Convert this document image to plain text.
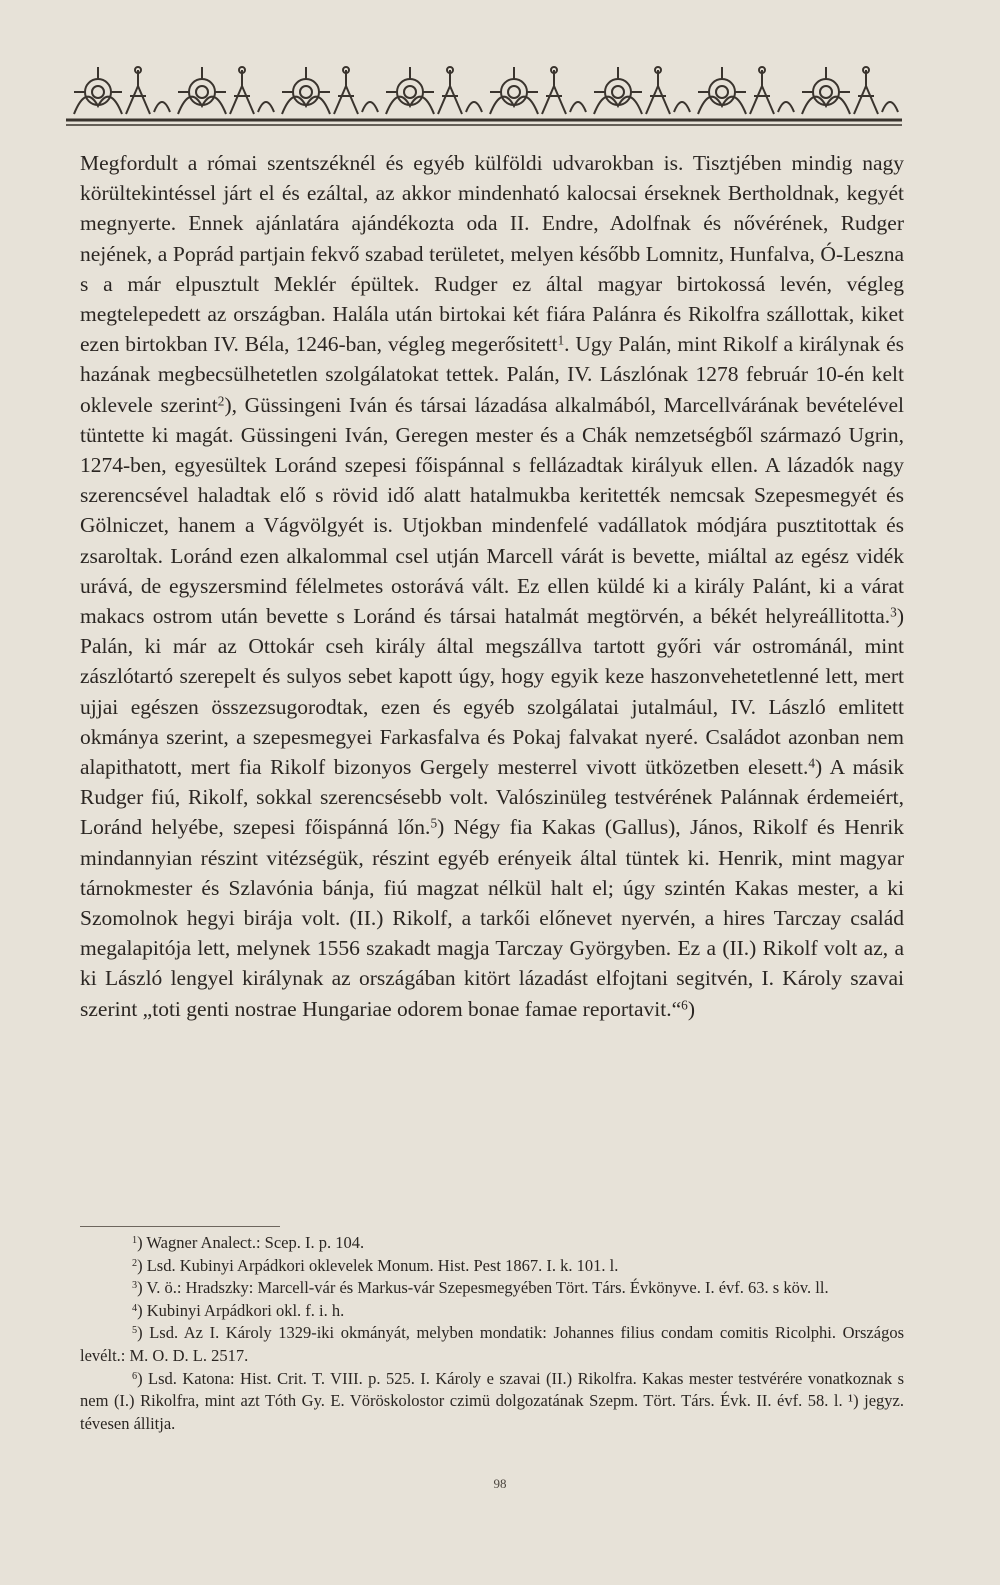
Megfordult a római szentszéknél és egyéb külföldi udvarokban is. Tisztjében mindig nagy körültekintéssel járt el és ezáltal, az akkor mindenható kalocsai érseknek Bertholdnak, kegyét megnyerte. Ennek ajánlatára ajándékozta oda II. Endre, Adolfnak és nővérének, Rudger nejének, a Poprád partjain fekvő szabad területet, melyen később Lomnitz, Hunfalva, Ó-Leszna s a már elpusztult Meklér épültek. Rudger ez által magyar birtokossá levén, végleg megtelepedett az országban. Halála után birtokai két fiára Palánra és Rikolfra szállottak, kiket ezen birtokban IV. Béla, 1246-ban, végleg megerősitett$^1$. Ugy Palán, mint Rikolf a királynak és hazának megbecsülhetetlen szolgálatokat tettek. Palán, IV. Lászlónak 1278 február 10-én kelt oklevele szerint$^2$), Güssingeni Iván és társai lázadása alkalmából, Marcellvárának bevételével tüntette ki magát. Güssingeni Iván, Geregen mester és a Chák nemzetségből származó Ugrin, 1274-ben, egyesültek Loránd szepesi főispánnal s fellázadtak királyuk ellen. A lázadók nagy szerencsével haladtak elő s rövid idő alatt hatalmukba keritették nemcsak Szepesmegyét és Gölniczet, hanem a Vágvölgyét is. Utjokban mindenfelé vadállatok módjára pusztitottak és zsaroltak. Loránd ezen alkalommal csel utján Marcell várát is bevette, miáltal az egész vidék urává, de egyszersmind félelmetes ostorává vált. Ez ellen küldé ki a király Palánt, ki a várat makacs ostrom után bevette s Loránd és társai hatalmát megtörvén, a békét helyreállitotta.$^3$) Palán, ki már az Ottokár cseh király által megszállva tartott győri vár ostrománál, mint zászlótartó szerepelt és sulyos sebet kapott úgy, hogy egyik keze haszonvehetetlenné lett, mert ujjai egészen összezsugorodtak, ezen és egyéb szolgálatai jutalmául, IV. László emlitett okmánya szerint, a szepesmegyei Farkasfalva és Pokaj falvakat nyeré. Családot azonban nem alapithatott, mert fia Rikolf bizonyos Gergely mesterrel vivott ütközetben elesett.$^4$) A másik Rudger fiú, Rikolf, sokkal szerencsésebb volt. Valószinüleg testvérének Palánnak érdemeiért, Loránd helyébe, szepesi főispánná lőn.$^5$) Négy fia Kakas (Gallus), János, Rikolf és Henrik mindannyian részint vitézségük, részint egyéb erényeik által tüntek ki. Henrik, mint magyar tárnokmester és Szlavónia bánja, fiú magzat nélkül halt el; úgy szintén Kakas mester, a ki Szomolnok hegyi birája volt. (II.) Rikolf, a tarkői előnevet nyervén, a hires Tarczay család megalapitója lett, melynek 1556 szakadt magja Tarczay Györgyben. Ez a (II.) Rikolf volt az, a ki László lengyel királynak az országában kitört lázadást elfojtani segitvén, I. Károly szavai szerint „toti genti nostrae Hungariae odorem bonae famae reportavit.“$^6$)

$^1$) Wagner Analect.: Scep. I. p. 104.

$^2$) Lsd. Kubinyi Arpádkori oklevelek Monum. Hist. Pest 1867. I. k. 101. l.

$^3$) V. ö.: Hradszky: Marcell-vár és Markus-vár Szepesmegyében Tört. Társ. Évkönyve. I. évf. 63. s köv. ll.

$^4$) Kubinyi Arpádkori okl. f. i. h.

$^5$) Lsd. Az I. Károly 1329-iki okmányát, melyben mondatik: Johannes filius condam comitis Ricolphi. Országos levélt.: M. O. D. L. 2517.

$^6$) Lsd. Katona: Hist. Crit. T. VIII. p. 525. I. Károly e szavai (II.) Rikolfra. Kakas mester testvérére vonatkoznak s nem (I.) Rikolfra, mint azt Tóth Gy. E. Vöröskolostor czimü dolgozatának Szepm. Tört. Társ. Évk. II. évf. 58. l. ¹) jegyz. tévesen állitja.

98
